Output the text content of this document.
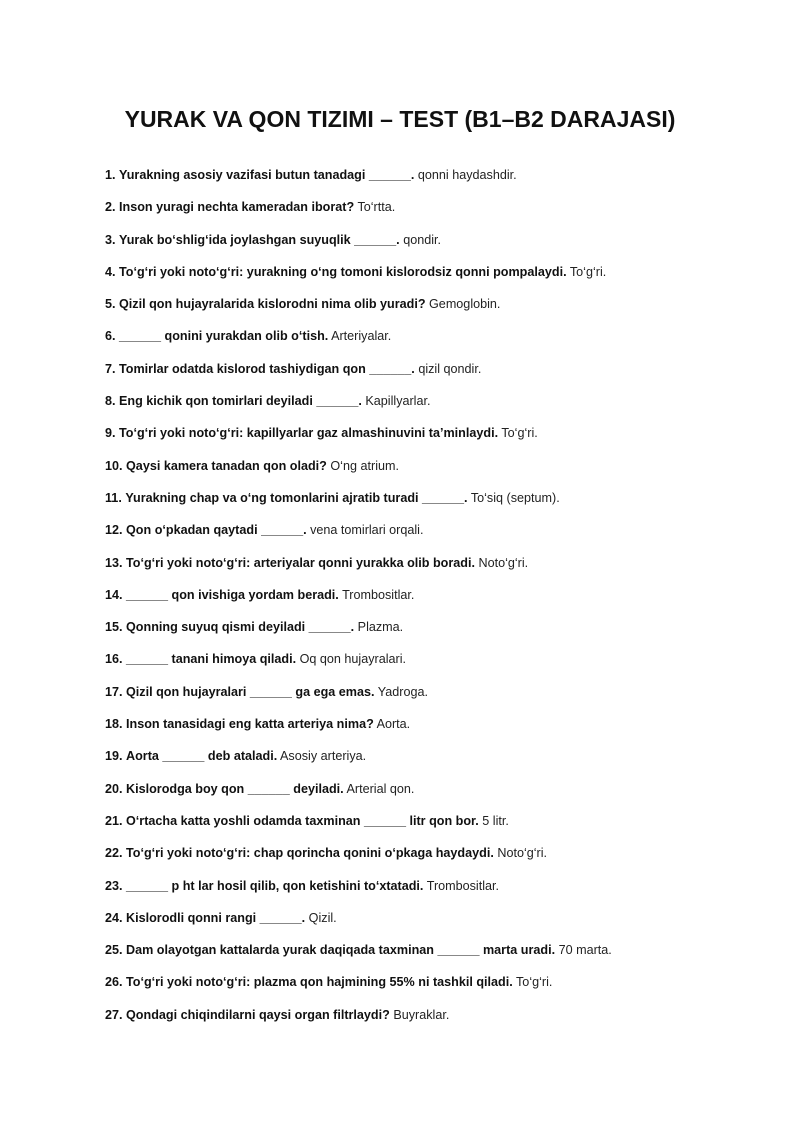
YURAK VA QON TIZIMI – TEST (B1–B2 DARAJASI)
1. Yurakning asosiy vazifasi butun tanadagi ______. qonni haydashdir.
2. Inson yuragi nechta kameradan iborat? To‘rtta.
3. Yurak bo‘shlig‘ida joylashgan suyuqlik ______. qondir.
4. To‘g‘ri yoki noto‘g‘ri: yurakning o‘ng tomoni kislorodsiz qonni pompalaydi. To‘g‘ri.
5. Qizil qon hujayralarida kislorodni nima olib yuradi? Gemoglobin.
6. ______ qonini yurakdan olib o‘tish. Arteriyalar.
7. Tomirlar odatda kislorod tashiydigan qon ______. qizil qondir.
8. Eng kichik qon tomirlari deyiladi ______. Kapillyarlar.
9. To‘g‘ri yoki noto‘g‘ri: kapillyarlar gaz almashinuvini ta’minlaydi. To‘g‘ri.
10. Qaysi kamera tanadan qon oladi? O‘ng atrium.
11. Yurakning chap va o‘ng tomonlarini ajratib turadi ______. To‘siq (septum).
12. Qon o‘pkadan qaytadi ______. vena tomirlari orqali.
13. To‘g‘ri yoki noto‘g‘ri: arteriyalar qonni yurakka olib boradi. Noto‘g‘ri.
14. ______ qon ivishiga yordam beradi. Trombositlar.
15. Qonning suyuq qismi deyiladi ______. Plazma.
16. ______ tanani himoya qiladi. Oq qon hujayralari.
17. Qizil qon hujayralari ______ ga ega emas. Yadroga.
18. Inson tanasidagi eng katta arteriya nima? Aorta.
19. Aorta ______ deb ataladi. Asosiy arteriya.
20. Kislorodga boy qon ______ deyiladi. Arterial qon.
21. O‘rtacha katta yoshli odamda taxminan ______ litr qon bor. 5 litr.
22. To‘g‘ri yoki noto‘g‘ri: chap qorincha qonini o‘pkaga haydaydi. Noto‘g‘ri.
23. ______ p ht lar hosil qilib, qon ketishini to‘xtatadi. Trombositlar.
24. Kislorodli qonni rangi ______. Qizil.
25. Dam olayotgan kattalarda yurak daqiqada taxminan ______ marta uradi. 70 marta.
26. To‘g‘ri yoki noto‘g‘ri: plazma qon hajmining 55% ni tashkil qiladi. To‘g‘ri.
27. Qondagi chiqindilarni qaysi organ filtrlaydi? Buyraklar.
